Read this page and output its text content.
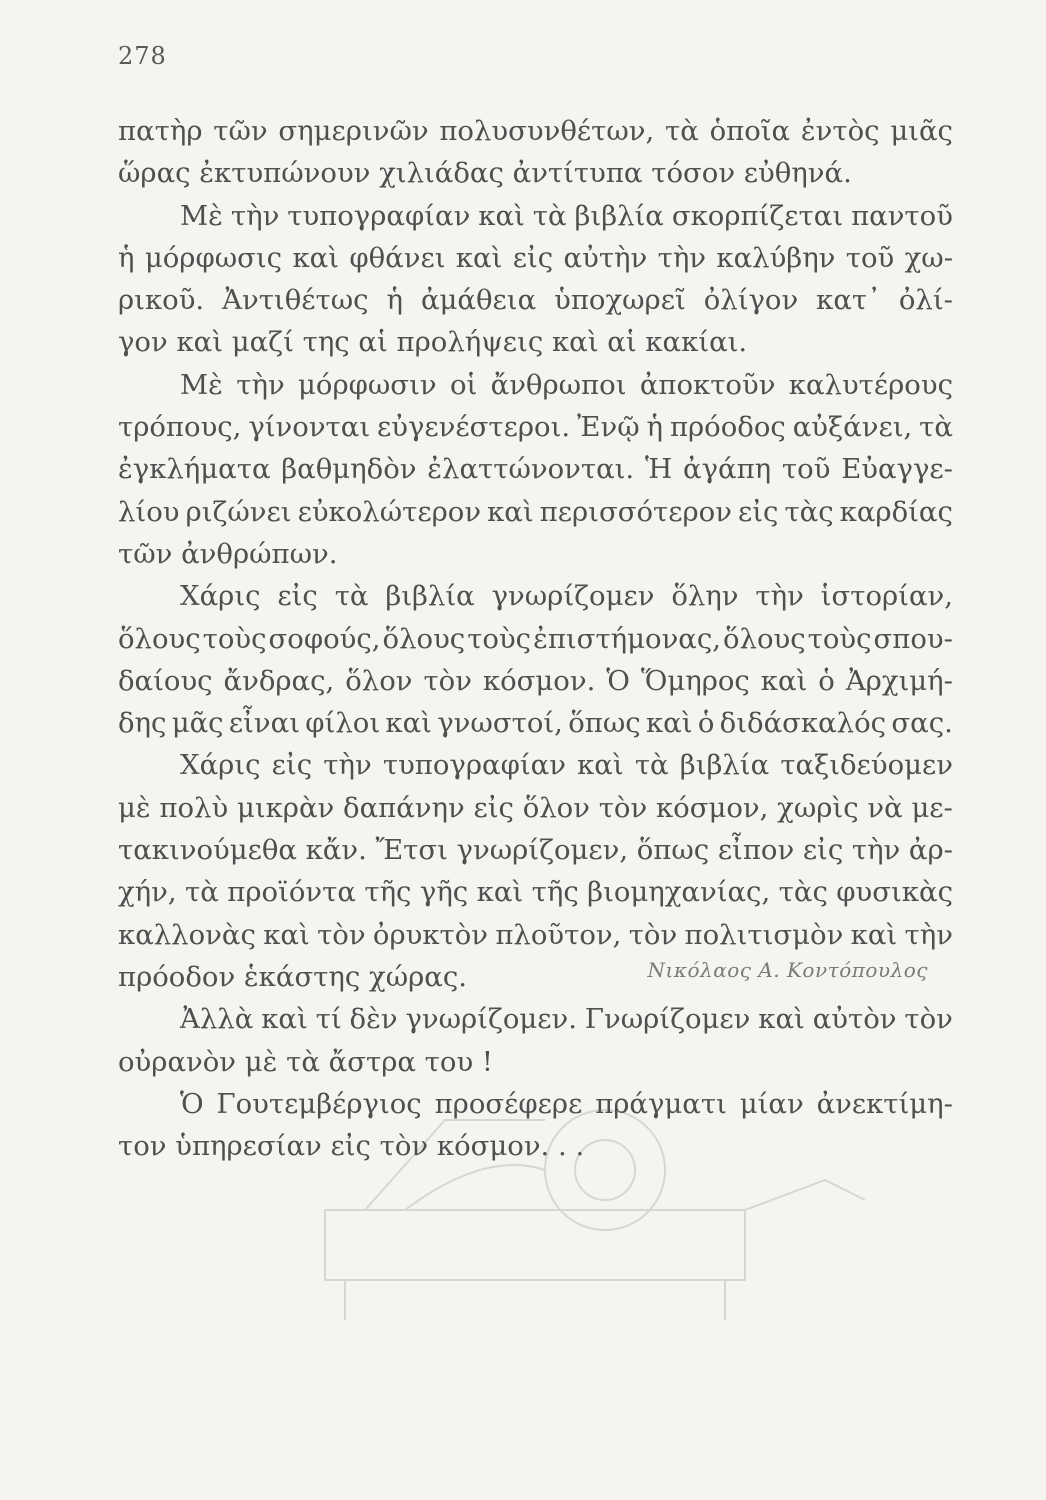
278
πατὴρ τῶν σημερινῶν πολυσυνθέτων, τὰ ὁποῖα ἐντὸς μιᾶς
ὥρας ἐκτυπώνουν χιλιάδας ἀντίτυπα τόσον εὐθηνά.
Μὲ τὴν τυπογραφίαν καὶ τὰ βιβλία σκορπίζεται παντοῦ
ἡ μόρφωσις καὶ φθάνει καὶ εἰς αὐτὴν τὴν καλύβην τοῦ χω-
ρικοῦ. Ἀντιθέτως ἡ ἀμάθεια ὑποχωρεῖ ὀλίγον κατ᾽ ὀλί-
γον καὶ μαζί της αἱ προλήψεις καὶ αἱ κακίαι.
Μὲ τὴν μόρφωσιν οἱ ἄνθρωποι ἀποκτοῦν καλυτέρους
τρόπους, γίνονται εὐγενέστεροι. Ἐνῷ ἡ πρόοδος αὐξάνει, τὰ
ἐγκλήματα βαθμηδὸν ἐλαττώνονται. Ἡ ἀγάπη τοῦ Εὐαγγε-
λίου ριζώνει εὐκολώτερον καὶ περισσότερον εἰς τὰς καρδίας
τῶν ἀνθρώπων.
Χάρις εἰς τὰ βιβλία γνωρίζομεν ὅλην τὴν ἱστορίαν,
ὅλους τοὺς σοφούς, ὅλους τοὺς ἐπιστήμονας, ὅλους τοὺς σπου-
δαίους ἄνδρας, ὅλον τὸν κόσμον. Ὁ Ὅμηρος καὶ ὁ Ἀρχιμή-
δης μᾶς εἶναι φίλοι καὶ γνωστοί, ὅπως καὶ ὁ διδάσκαλός σας.
Χάρις εἰς τὴν τυπογραφίαν καὶ τὰ βιβλία ταξιδεύομεν
μὲ πολὺ μικρὰν δαπάνην εἰς ὅλον τὸν κόσμον, χωρὶς νὰ με-
τακινούμεθα κἄν. Ἔτσι γνωρίζομεν, ὅπως εἶπον εἰς τὴν ἀρ-
χήν, τὰ προϊόντα τῆς γῆς καὶ τῆς βιομηχανίας, τὰς φυσικὰς
καλλονὰς καὶ τὸν ὀρυκτὸν πλοῦτον, τὸν πολιτισμὸν καὶ τὴν
πρόοδον ἑκάστης χώρας.
Ἀλλὰ καὶ τί δὲν γνωρίζομεν. Γνωρίζομεν καὶ αὐτὸν τὸν
οὐρανὸν μὲ τὰ ἄστρα του !
Ὁ Γουτεμβέργιος προσέφερε πράγματι μίαν ἀνεκτίμη-
τον ὑπηρεσίαν εἰς τὸν κόσμον. . .
Νικόλαος Α. Κοντόπουλος
